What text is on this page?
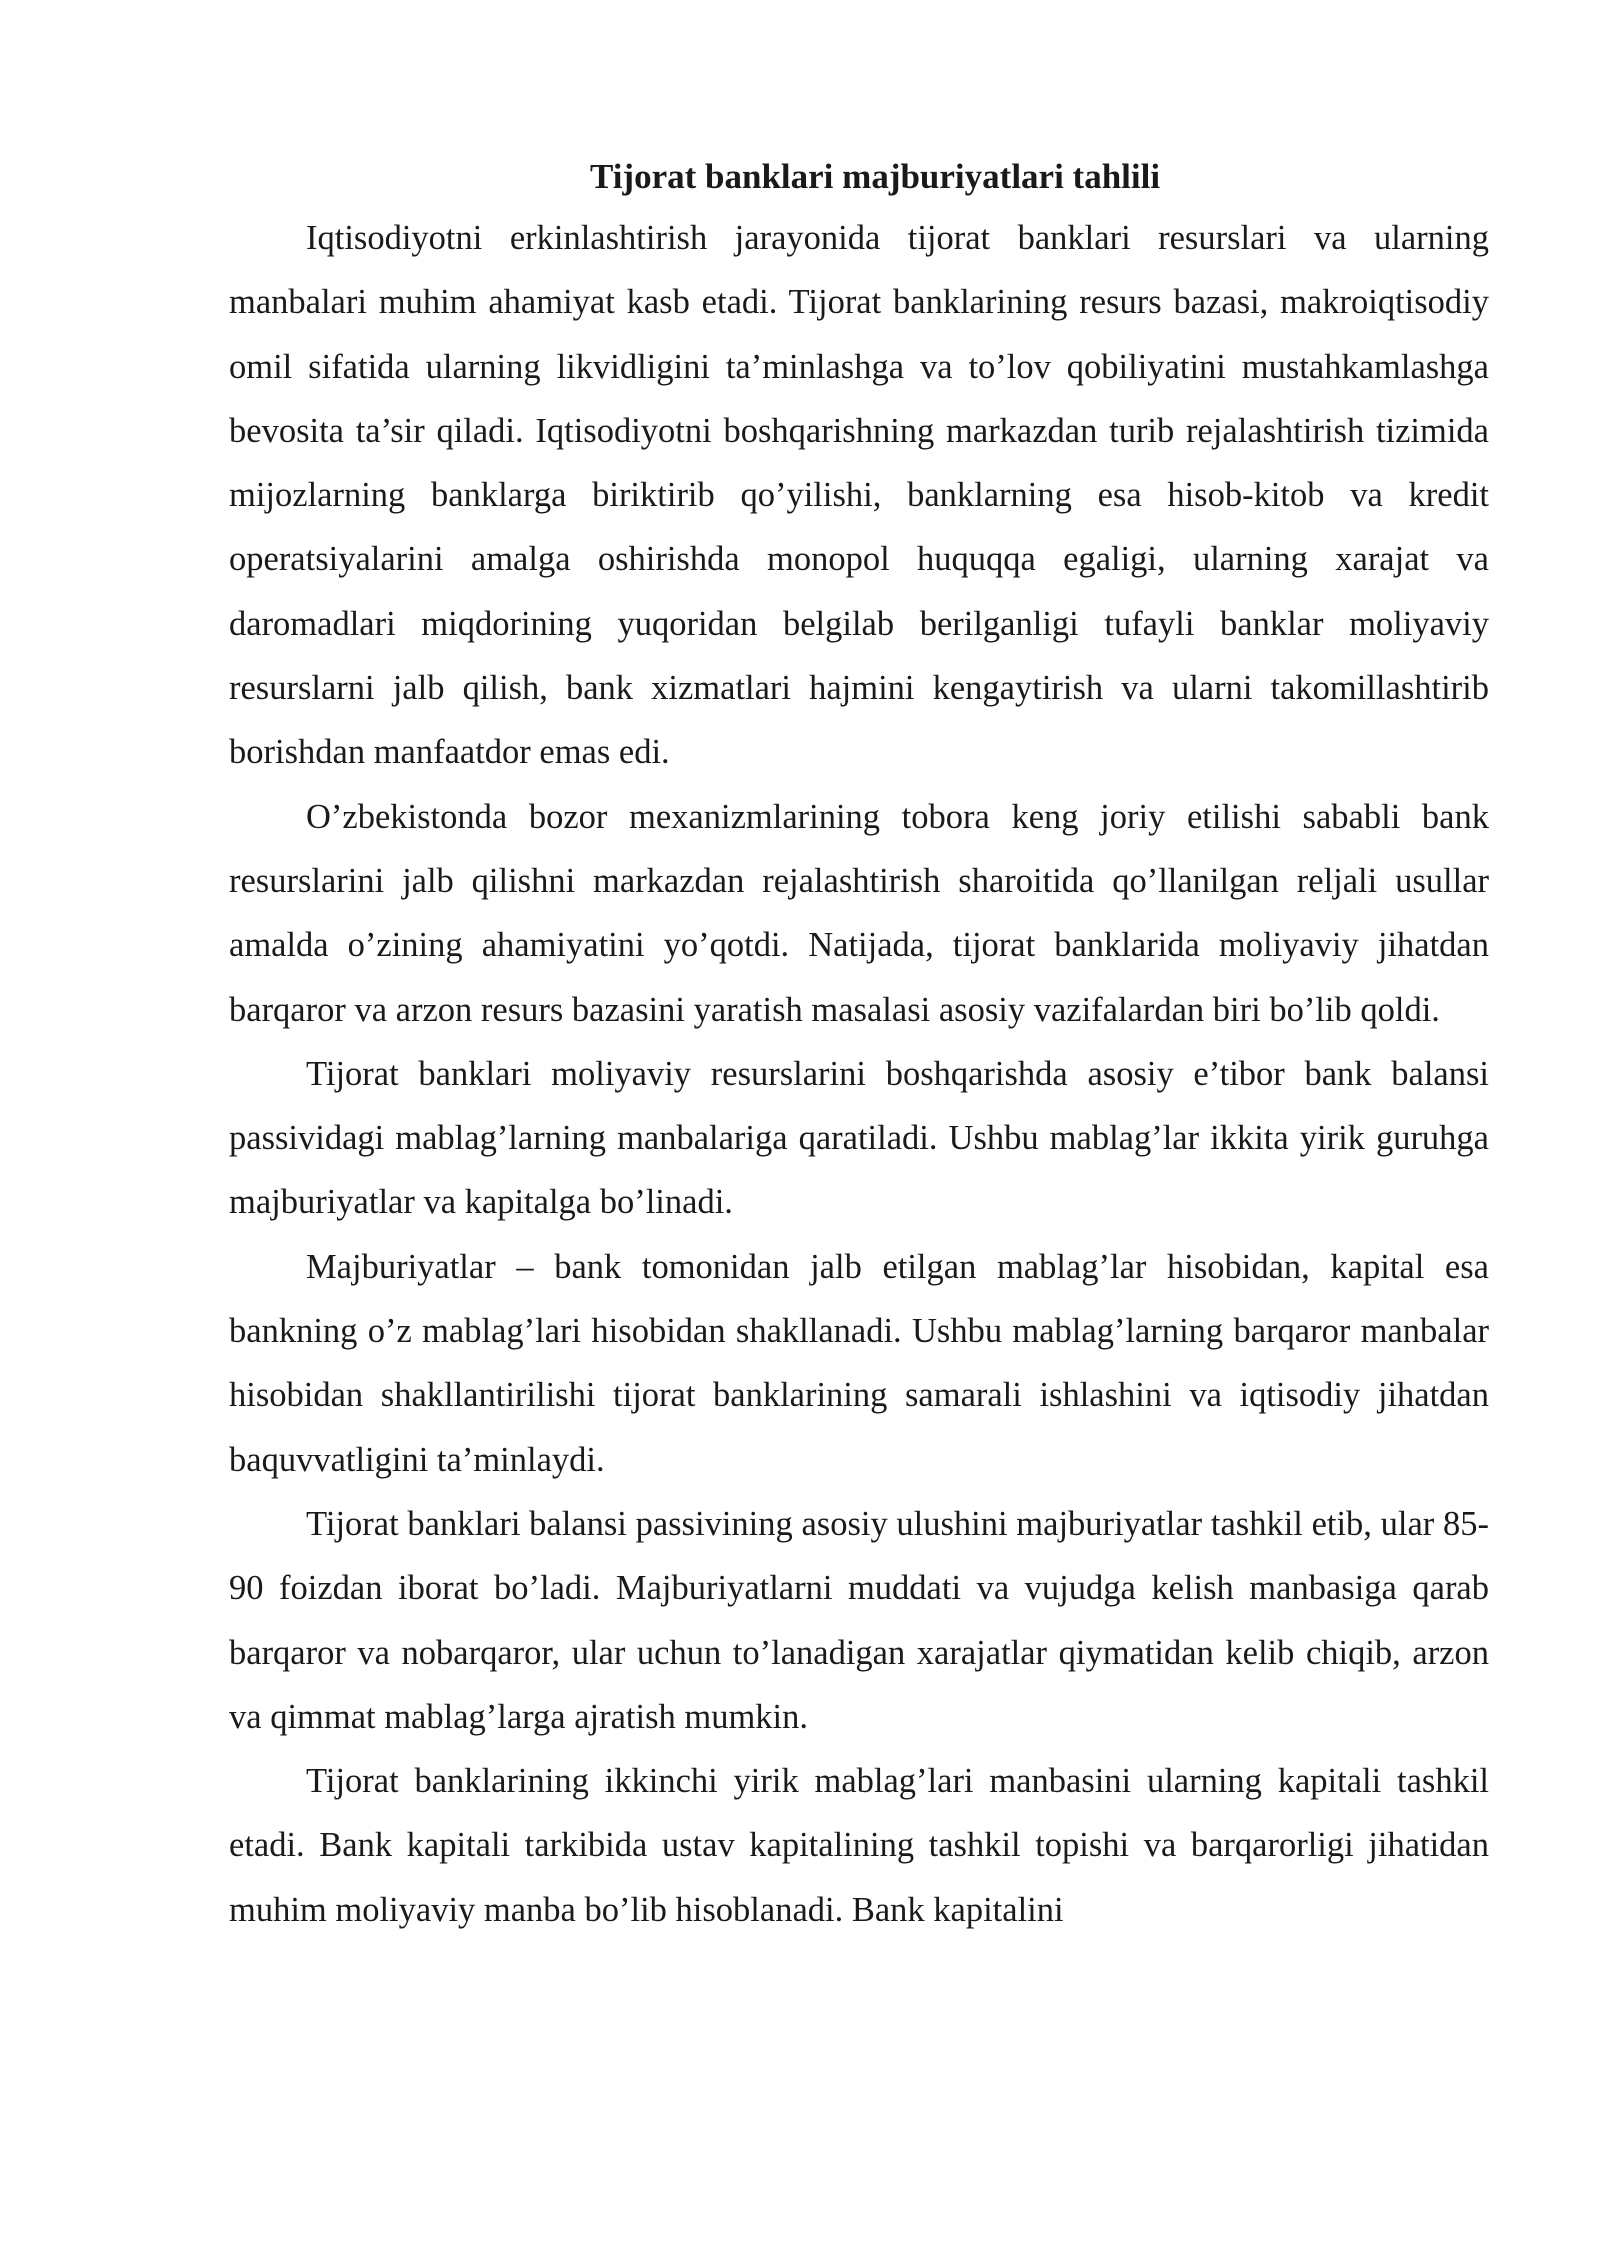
Tijorat banklari majburiyatlari tahlili

Iqtisodiyotni erkinlashtirish jarayonida tijorat banklari resurslari va ularning manbalari muhim ahamiyat kasb etadi. Tijorat banklarining resurs bazasi, makroiqtisodiy omil sifatida ularning likvidligini ta’minlashga va to’lov qobiliyatini mustahkamlashga bevosita ta’sir qiladi. Iqtisodiyotni boshqarishning markazdan turib rejalashtirish tizimida mijozlarning banklarga biriktirib qo’yilishi, banklarning esa hisob-kitob va kredit operatsiyalarini amalga oshirishda monopol huquqqa egaligi, ularning xarajat va daromadlari miqdorining yuqoridan belgilab berilganligi tufayli banklar moliyaviy resurslarni jalb qilish, bank xizmatlari hajmini kengaytirish va ularni takomillashtirib borishdan manfaatdor emas edi.

O’zbekistonda bozor mexanizmlarining tobora keng joriy etilishi sababli bank resurslarini jalb qilishni markazdan rejalashtirish sharoitida qo’llanilgan reljali usullar amalda o’zining ahamiyatini yo’qotdi. Natijada, tijorat banklarida moliyaviy jihatdan barqaror va arzon resurs bazasini yaratish masalasi asosiy vazifalardan biri bo’lib qoldi.

Tijorat banklari moliyaviy resurslarini boshqarishda asosiy e’tibor bank balansi passividagi mablag’larning manbalariga qaratiladi. Ushbu mablag’lar ikkita yirik guruhga majburiyatlar va kapitalga bo’linadi.

Majburiyatlar – bank tomonidan jalb etilgan mablag’lar hisobidan, kapital esa bankning o’z mablag’lari hisobidan shakllanadi. Ushbu mablag’larning barqaror manbalar hisobidan shakllantirilishi tijorat banklarining samarali ishlashini va iqtisodiy jihatdan baquvvatligini ta’minlaydi.

Tijorat banklari balansi passivining asosiy ulushini majburiyatlar tashkil etib, ular 85-90 foizdan iborat bo’ladi. Majburiyatlarni muddati va vujudga kelish manbasiga qarab barqaror va nobarqaror, ular uchun to’lanadigan xarajatlar qiymatidan kelib chiqib, arzon va qimmat mablag’larga ajratish mumkin.

Tijorat banklarining ikkinchi yirik mablag’lari manbasini ularning kapitali tashkil etadi. Bank kapitali tarkibida ustav kapitalining tashkil topishi va barqarorligi jihatidan muhim moliyaviy manba bo’lib hisoblanadi. Bank kapitalini
